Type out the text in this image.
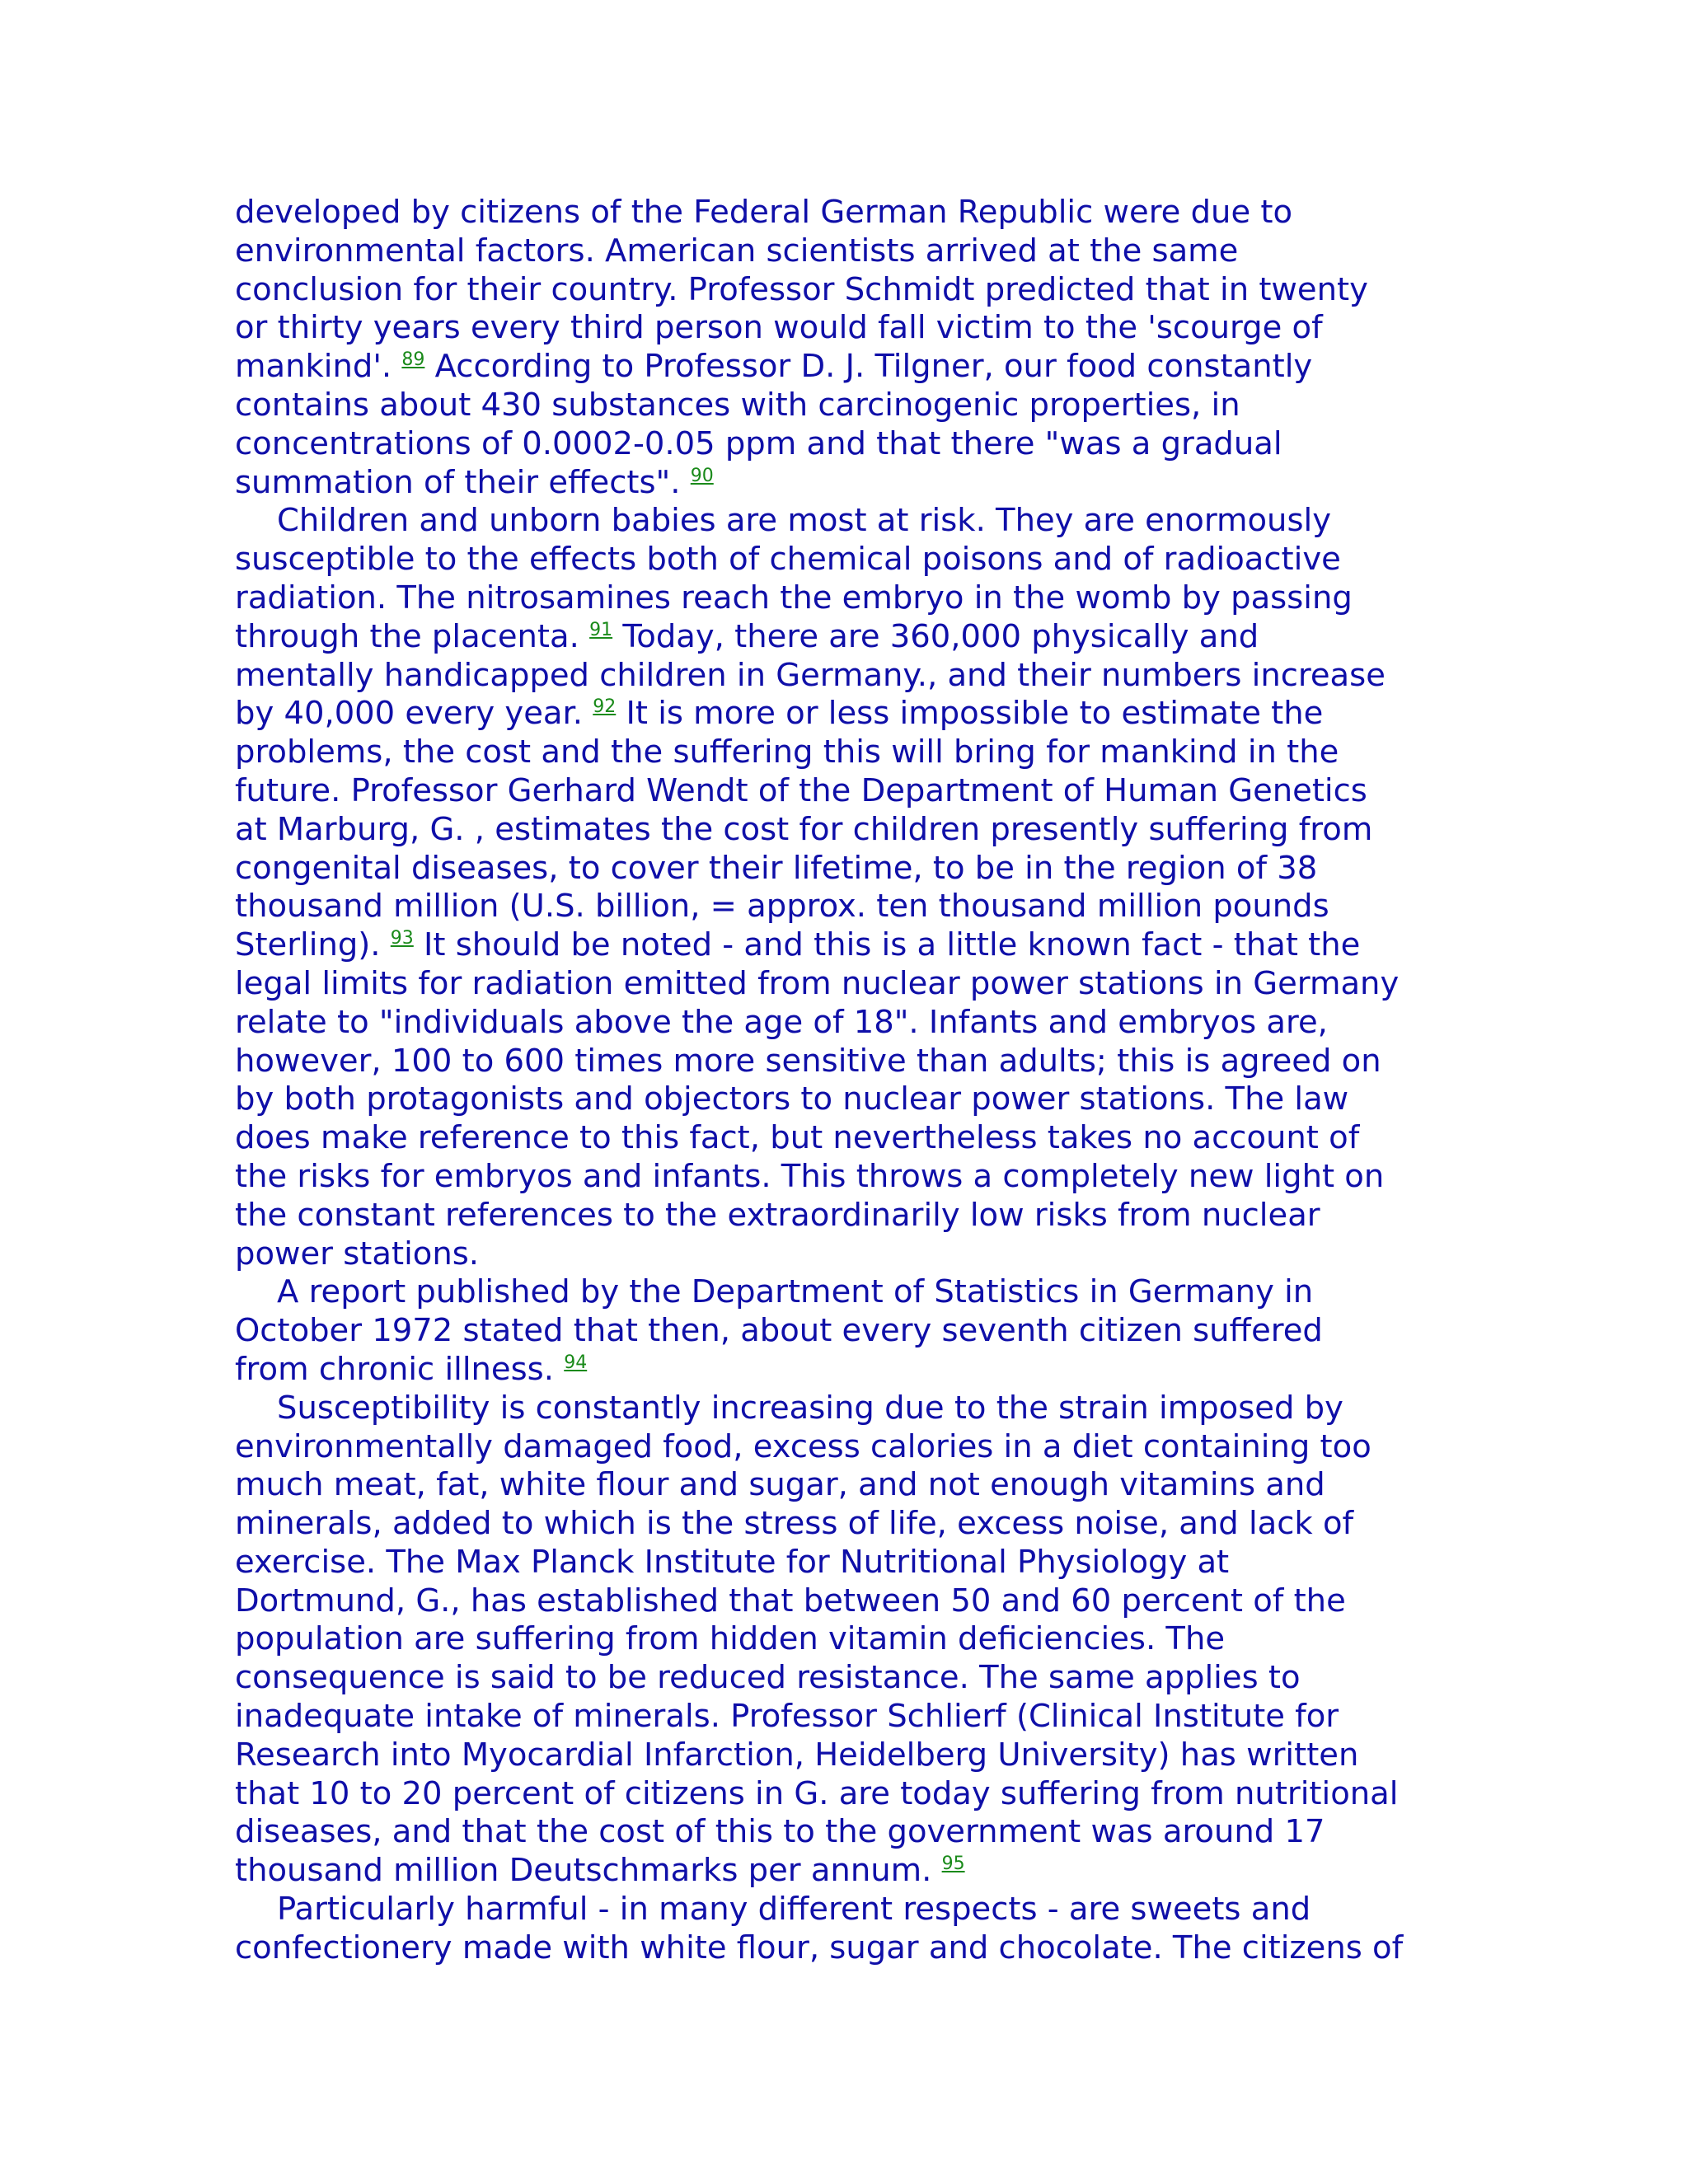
developed by citizens of the Federal German Republic were due to
environmental factors. American scientists arrived at the same
conclusion for their country. Professor Schmidt predicted that in twenty
or thirty years every third person would fall victim to the 'scourge of
mankind'. $^{89}$ According to Professor D. J. Tilgner, our food constantly
contains about 430 substances with carcinogenic properties, in
concentrations of 0.0002-0.05 ppm and that there "was a gradual
summation of their effects". $^{90}$
Children and unborn babies are most at risk. They are enormously
susceptible to the effects both of chemical poisons and of radioactive
radiation. The nitrosamines reach the embryo in the womb by passing
through the placenta. $^{91}$ Today, there are 360,000 physically and
mentally handicapped children in Germany., and their numbers increase
by 40,000 every year. $^{92}$ It is more or less impossible to estimate the
problems, the cost and the suffering this will bring for mankind in the
future. Professor Gerhard Wendt of the Department of Human Genetics
at Marburg, G. , estimates the cost for children presently suffering from
congenital diseases, to cover their lifetime, to be in the region of 38
thousand million (U.S. billion, = approx. ten thousand million pounds
Sterling). $^{93}$ It should be noted - and this is a little known fact - that the
legal limits for radiation emitted from nuclear power stations in Germany
relate to "individuals above the age of 18". Infants and embryos are,
however, 100 to 600 times more sensitive than adults; this is agreed on
by both protagonists and objectors to nuclear power stations. The law
does make reference to this fact, but nevertheless takes no account of
the risks for embryos and infants. This throws a completely new light on
the constant references to the extraordinarily low risks from nuclear
power stations.
A report published by the Department of Statistics in Germany in
October 1972 stated that then, about every seventh citizen suffered
from chronic illness. $^{94}$
Susceptibility is constantly increasing due to the strain imposed by
environmentally damaged food, excess calories in a diet containing too
much meat, fat, white flour and sugar, and not enough vitamins and
minerals, added to which is the stress of life, excess noise, and lack of
exercise. The Max Planck Institute for Nutritional Physiology at
Dortmund, G., has established that between 50 and 60 percent of the
population are suffering from hidden vitamin deficiencies. The
consequence is said to be reduced resistance. The same applies to
inadequate intake of minerals. Professor Schlierf (Clinical Institute for
Research into Myocardial Infarction, Heidelberg University) has written
that 10 to 20 percent of citizens in G. are today suffering from nutritional
diseases, and that the cost of this to the government was around 17
thousand million Deutschmarks per annum. $^{95}$
Particularly harmful - in many different respects - are sweets and
confectionery made with white flour, sugar and chocolate. The citizens of
